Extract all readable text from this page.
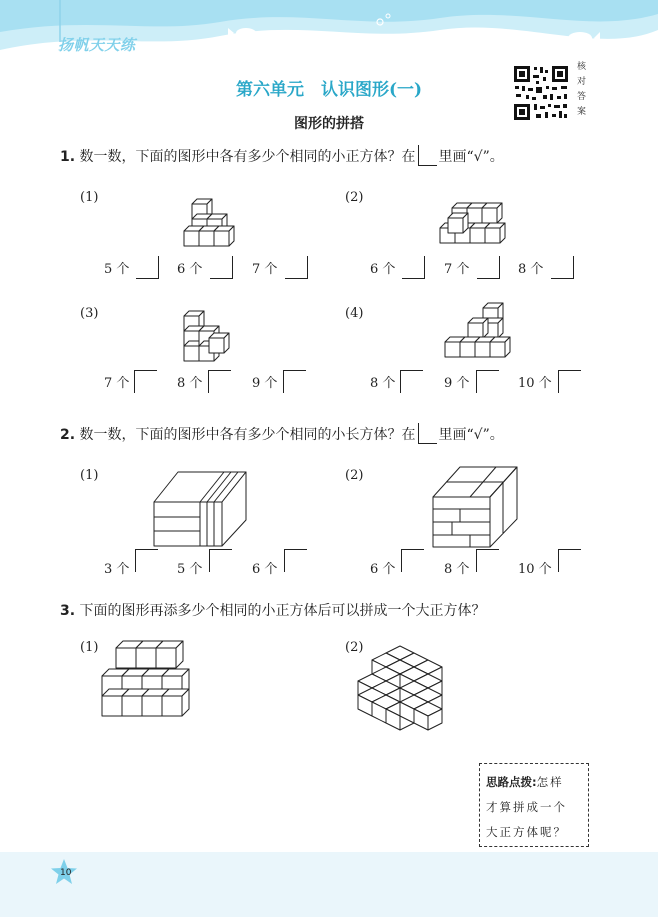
扬帆天天练
第六单元　认识图形(一)
核对答案
图形的拼搭
1. 数一数，下面的图形中各有多少个相同的小正方体？在 里画“√”。
(1)
5 个	6 个	7 个
(2)
6 个	7 个	8 个
(3)
7 个	8 个	9 个
(4)
8 个	9 个	10 个
2. 数一数，下面的图形中各有多少个相同的小长方体？在 里画“√”。
(1)
3 个	5 个	6 个
(2)
6 个	8 个	10 个
3. 下面的图形再添多少个相同的小正方体后可以拼成一个大正方体？
(1)	(2)
思路点拨:怎样
才算拼成一个
大正方体呢？
10
